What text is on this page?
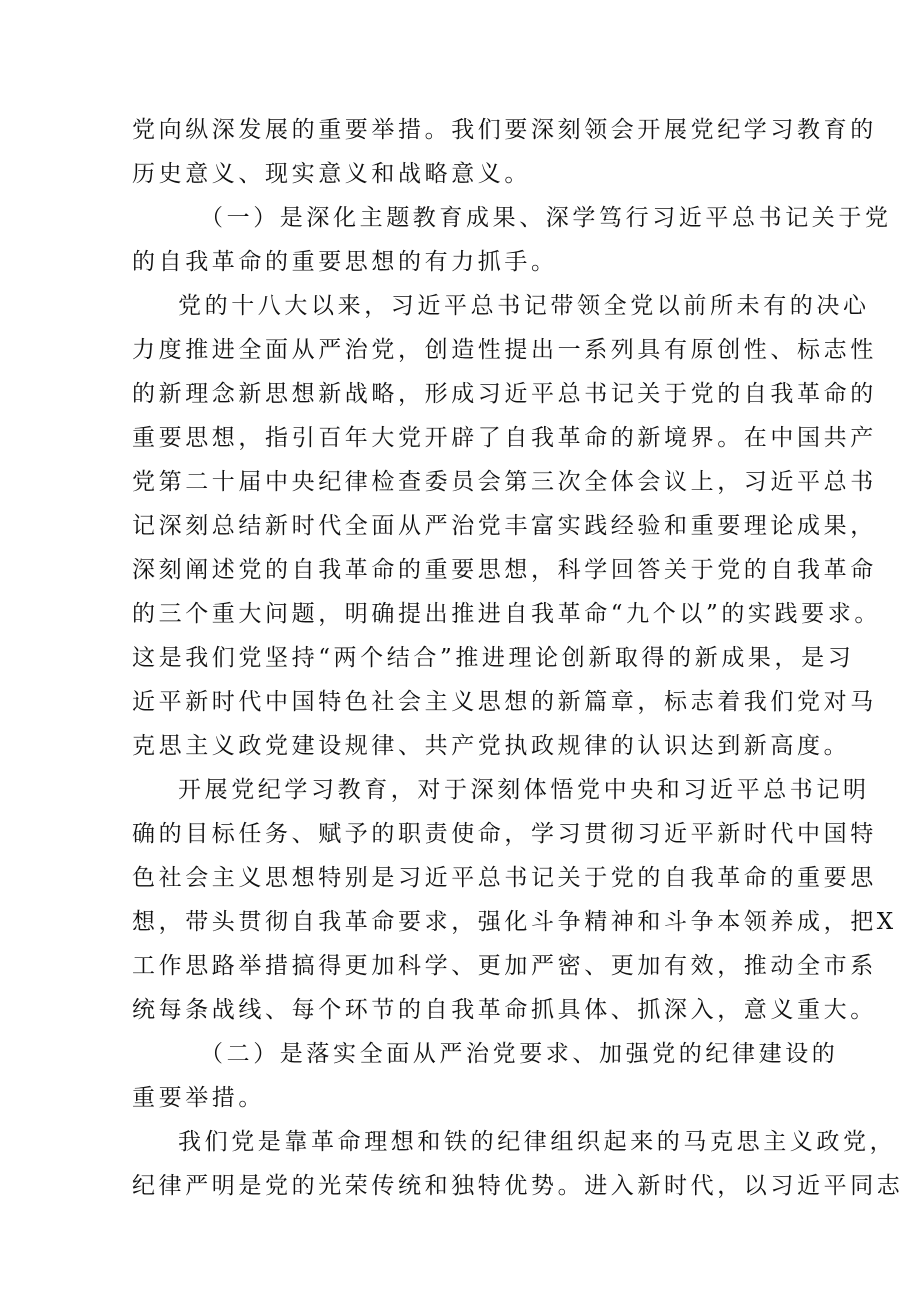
党向纵深发展的重要举措。我们要深刻领会开展党纪学习教育的
历史意义、现实意义和战略意义。
（一）是深化主题教育成果、深学笃行习近平总书记关于党
的自我革命的重要思想的有力抓手。
党的十八大以来，习近平总书记带领全党以前所未有的决心
力度推进全面从严治党，创造性提出一系列具有原创性、标志性
的新理念新思想新战略，形成习近平总书记关于党的自我革命的
重要思想，指引百年大党开辟了自我革命的新境界。在中国共产
党第二十届中央纪律检查委员会第三次全体会议上，习近平总书
记深刻总结新时代全面从严治党丰富实践经验和重要理论成果，
深刻阐述党的自我革命的重要思想，科学回答关于党的自我革命
的三个重大问题，明确提出推进自我革命“九个以”的实践要求。
这是我们党坚持“两个结合”推进理论创新取得的新成果，是习
近平新时代中国特色社会主义思想的新篇章，标志着我们党对马
克思主义政党建设规律、共产党执政规律的认识达到新高度。
开展党纪学习教育，对于深刻体悟党中央和习近平总书记明
确的目标任务、赋予的职责使命，学习贯彻习近平新时代中国特
色社会主义思想特别是习近平总书记关于党的自我革命的重要思
想，带头贯彻自我革命要求，强化斗争精神和斗争本领养成，把X
工作思路举措搞得更加科学、更加严密、更加有效，推动全市系
统每条战线、每个环节的自我革命抓具体、抓深入，意义重大。
（二）是落实全面从严治党要求、加强党的纪律建设的
重要举措。
我们党是靠革命理想和铁的纪律组织起来的马克思主义政党，
纪律严明是党的光荣传统和独特优势。进入新时代，以习近平同志
